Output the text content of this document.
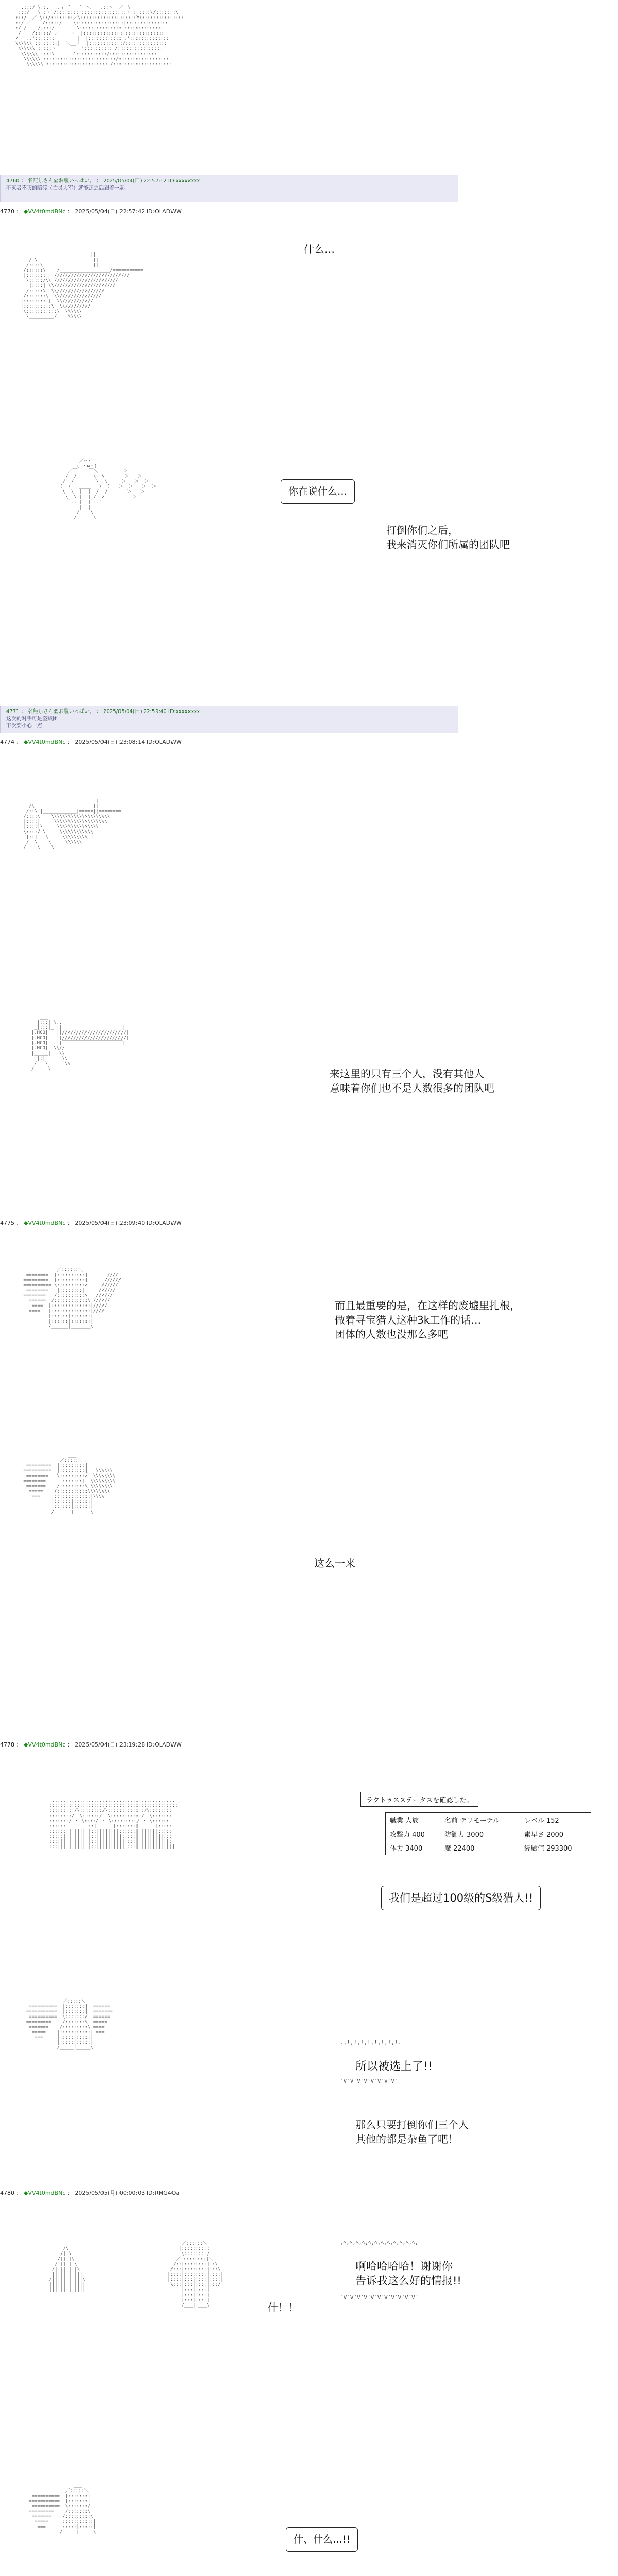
.:::/ \::.  ,.ィ ´￣￣` ヽ、  .::ヽ  ／￣\
:::/   \::ヽ /:::::::::::::::::::::::::ヽ ::::::\/:::::::\
:::/  ／ \::/::::::::／\::::::::::::::::::::Y::::::::::::::::
::/ ／   `/:::::/    \:::::::::::::::::|:::::::::::::::
:/ /    /::::/  ___   \:::::::::::::::|::::::::::::::
/    /:::::/ ／    ヽ  |::::::::::::::|::::::::::::::
/   ,.':::::::|       |  |:::::::::::: ,'::::::::::::::
\\\\\\ ::::::::|  ＼__ノ  |::::::::::::/:::::::::::::::
\\\\\\ :::::ヽ        ,':::::::::: /::::::::::::::::
\\\\\\ ::::\__  __ノ:::::::::::/:::::::::::::::::
\\\\\\ ::::::::::::::::::::::::::/::::::::::::::::::
\\\\\\ :::::::::::::::::::::: /:::::::::::::::::::::

4760 ： 名無しさん@お腹いっぱい。 ： 2025/05/04(日) 22:57:12 ID:xxxxxxxx
不灭者不灭的暗渡（亡灵大军）就能还之后跟着一起
4770 ： ◆VV4t0mdBNc ： 2025/05/04(日) 22:57:42 ID:OLADWW

||
/.\                    ||
/::::\      ___________ ||____
/::::::\    /__________________/===========
|:::::::|  ///////////////////////////
\:::::/\\ ///////////////////////
|::::| \\//////////////////////
/:::::\  \\/////////////////
/:::::::\  \\///////////////
|:::::::::|  \\///////////
|::::::::::\  \\/////////
\:::::::::::\  \\\\\\
\_________/    \\\\\

什么…

／⌒ヽ
( ・ω・)
／￣    ￣＼         ＞
/  /|    |\  \       ＞   ＞
/  / |    | \  \     ＞   ＞  ＞
(  (  |____|  )  )   ＞  ＞   ＞  ＞
\  \  |  |  /  /       ＞   ＞
\  \ |  | /  /          ＞
`--'|  |`--'
|  |
/    \
/      \

你在说什么…
打倒你们之后，
我来消灭你们所属的团队吧
4771 ： 名無しさん@お腹いっぱい。 ： 2025/05/04(日) 22:59:40 ID:xxxxxxxx
这次的对手可是盗贼团
下次要小心一点
4774 ： ◆VV4t0mdBNc ： 2025/05/04(日) 23:08:14 ID:OLADWW

||
/\   ____________      ||
/::\ |____________|=====||========
/::::\    \\\\\\\\\\\\\\\\\\\\\
|::::|     \\\\\\\\\\\\\\\\\\\
|::::|\     \\\\\\\\\\\\\\\
\::::/ \     \\\\\\\\\\\\
|::|   \     \\\\\\\\\
/  \    \     \\\\\\
/    \    \

___
|:::| \,,
_|:::|_ ||￣￣￣￣￣￣￣￣￣￣￣￣￣|
|.HCO|   ||///////////////////////|
|.HCO|   ||///////////////////////|
|.HCO|   ||￣￣￣￣￣￣￣￣￣￣￣￣￣|
|.HCO|  \\//
|_____|   \\
|:|      \\
/   \      \\
/     \	来这里的只有三个人，没有其他人
意味着你们也不是人数很多的团队吧
4775 ： ◆VV4t0mdBNc ： 2025/05/04(日) 23:09:40 ID:OLADWW

＿＿
／::::::＼
========  |::::::::::|       ////
=========  |::::::::::|      //////
========== \::::::::::/     //////
========   |::::::::|     //////
========   /::::::::::\   //////
======  /::::::::::::\ //////
====  |::::::::::::::|/////
====   |::::::::::::::|////
|::::::|:::::::|
|::::::|:::::::|
/______|_______\

而且最重要的是，在这样的废墟里扎根，
做着寻宝猎人这种3k工作的话…
团体的人数也没那么多吧

___
／:::::＼
=========  |:::::::::|
==========  |:::::::::|   \\\\\\
========   \:::::::::/  \\\\\\\\
========     |:::::::|  \\\\\\\\\
=======    /:::::::::\ \\\\\\\\
=====    /:::::::::::\\\\\\\\
===    |:::::::::::::|\\\\
|::::::|::::::|
|::::::|::::::|
/______|______\

这么一来
4778 ： ◆VV4t0mdBNc ： 2025/05/04(日) 23:19:28 ID:OLADWW

,,,,,,,,,,,,,,,,,,,,,,,,,,,,,,,,,,,,,,,,,,,,
::::::::::::::::::::::::::::::::::::::::::::::
:::::::::/\::::::::/\:::::::::::::/\::::::::
::::::::/  \::::::/  \:::::::::::/  \:::::::
:::::::/ ・ \::::/ ・ \:::::::::/ ・ \::::::
::::::|      |::|      |:::::::|      |:::::
::::::|||||||||::||||||||::::::||||||||:::::
:::::||||||||||::|||||||||:::::||||||||||:::
::::|||||||||||::||||||||||::::||||||||||||:
:::||||||||||||::|||||||||||:::||||||||||||||

ラクトゥスステータスを確認した。
職業 人族	名前 デリモーテル	レベル 152
攻撃力 400	防御力 3000	素早さ 2000
体力 3400	魔 22400	經驗値 293300
我们是超过100级的S级猎人!!

___
／:::::＼
==========  |:::::::|  ======
===========  |:::::::|  =======
==========  \:::::::/  ======
=========    /:::::::\  =====
=======    /:::::::::\ ====
=====    |:::::::::::| ===
===     |:::::|:::::|
|:::::|:::::|
/_____|_____\

.,!,!,!,!,!,!,!,!.
所以被选上了!!
`V´V´V´V´V´V´V´V´
那么只要打倒你们三个人
其他的都是杂鱼了吧！
4780 ： ◆VV4t0mdBNc ： 2025/05/05(月) 00:00:03 ID:RMG4Oa

/\
/||\
/||||\
/||||||\
/||||||||\
|||||||||||
/|||||||||||\
|||||||||||||
|||||||||||||

＿＿
／::::::＼
|::::::::::|
\::::::::/
／|::::::::|＼
/::|::::::::|::\
/:::|::::::::|:::\
|::::|::::::::|::::|
|::::|:::||:::|::::|
\:::|:::||:::|:::/
|:::||:::|
|:::||:::|
|:::||:::|
/___||___\	什！！
,ﾍ,ﾍ,ﾍ,ﾍ,ﾍ,ﾍ,ﾍ,ﾍ,ﾍ,ﾍ,ﾍ,ﾍ,
啊哈哈哈哈！谢谢你
告诉我这么好的情报!!
`V´V´V´V´V´V´V´V´V´V´V´

___
／:::::＼
==========  |:::::::|
===========  |:::::::|
==========  \:::::::/
=========    /:::::::\
=======    /:::::::::\
=====    |:::::::::::|
===     |:::::|:::::|
/_____|_____\

什、什么…!!
